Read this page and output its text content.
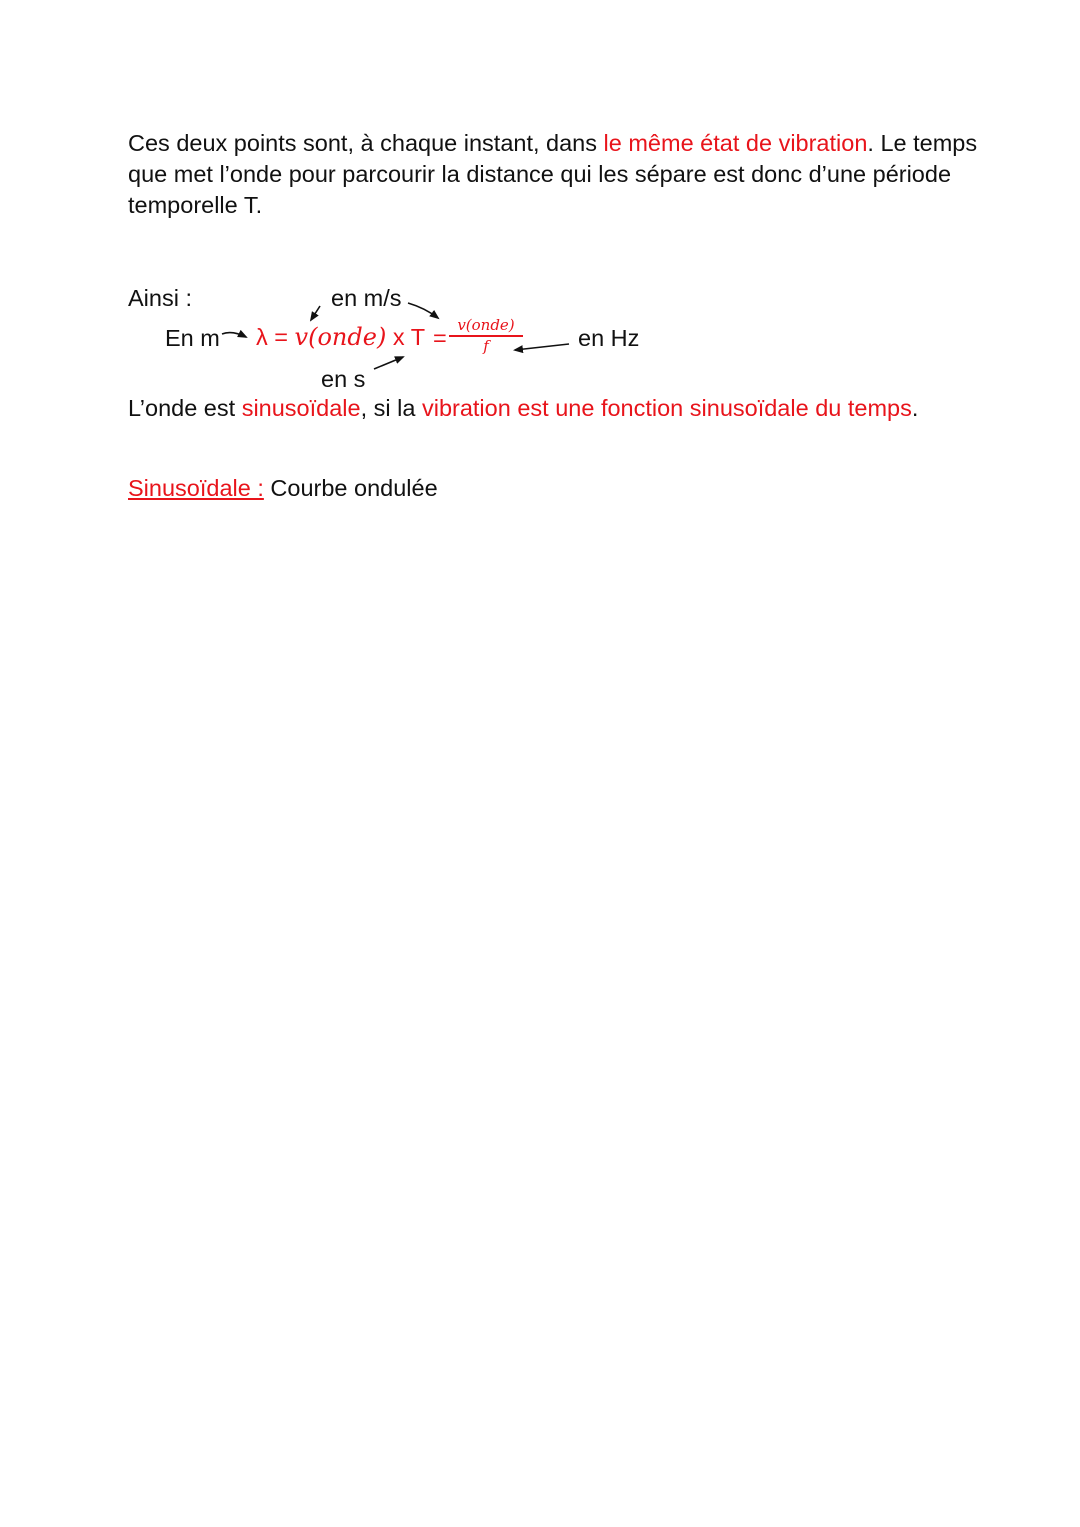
Ces deux points sont, à chaque instant, dans le même état de vibration. Le temps que met l’onde pour parcourir la distance qui les sépare est donc d’une période temporelle T.
Ainsi :	en m/s
En m λ = v(onde) x T = v(onde)
f	en Hz
en s
L’onde est sinusoïdale, si la vibration est une fonction sinusoïdale du temps.
Sinusoïdale : Courbe ondulée
